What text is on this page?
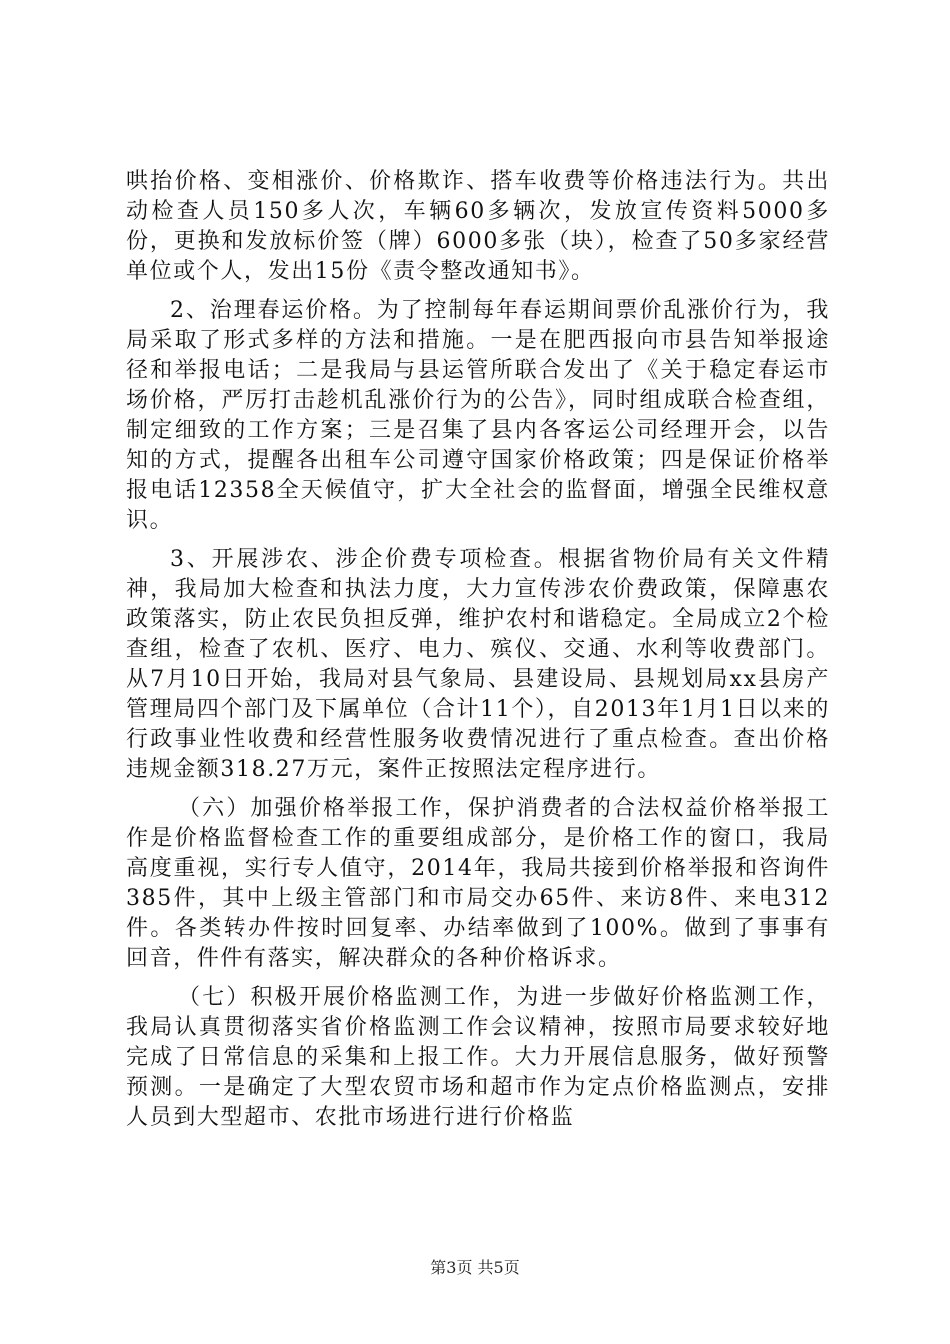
哄抬价格、变相涨价、价格欺诈、搭车收费等价格违法行为。共出动检查人员150多人次，车辆60多辆次，发放宣传资料5000多份，更换和发放标价签（牌）6000多张（块），检查了50多家经营单位或个人，发出15份《责令整改通知书》。

2、治理春运价格。为了控制每年春运期间票价乱涨价行为，我局采取了形式多样的方法和措施。一是在肥西报向市县告知举报途径和举报电话；二是我局与县运管所联合发出了《关于稳定春运市场价格，严厉打击趁机乱涨价行为的公告》，同时组成联合检查组，制定细致的工作方案；三是召集了县内各客运公司经理开会，以告知的方式，提醒各出租车公司遵守国家价格政策；四是保证价格举报电话12358全天候值守，扩大全社会的监督面，增强全民维权意识。

3、开展涉农、涉企价费专项检查。根据省物价局有关文件精神，我局加大检查和执法力度，大力宣传涉农价费政策，保障惠农政策落实，防止农民负担反弹，维护农村和谐稳定。全局成立2个检查组，检查了农机、医疗、电力、殡仪、交通、水利等收费部门。从7月10日开始，我局对县气象局、县建设局、县规划局xx县房产管理局四个部门及下属单位（合计11个），自2013年1月1日以来的行政事业性收费和经营性服务收费情况进行了重点检查。查出价格违规金额318.27万元，案件正按照法定程序进行。

（六）加强价格举报工作，保护消费者的合法权益价格举报工作是价格监督检查工作的重要组成部分，是价格工作的窗口，我局高度重视，实行专人值守，2014年，我局共接到价格举报和咨询件385件，其中上级主管部门和市局交办65件、来访8件、来电312件。各类转办件按时回复率、办结率做到了100%。做到了事事有回音，件件有落实，解决群众的各种价格诉求。

（七）积极开展价格监测工作，为进一步做好价格监测工作，我局认真贯彻落实省价格监测工作会议精神，按照市局要求较好地完成了日常信息的采集和上报工作。大力开展信息服务，做好预警预测。一是确定了大型农贸市场和超市作为定点价格监测点，安排人员到大型超市、农批市场进行进行价格监

第3页 共5页
